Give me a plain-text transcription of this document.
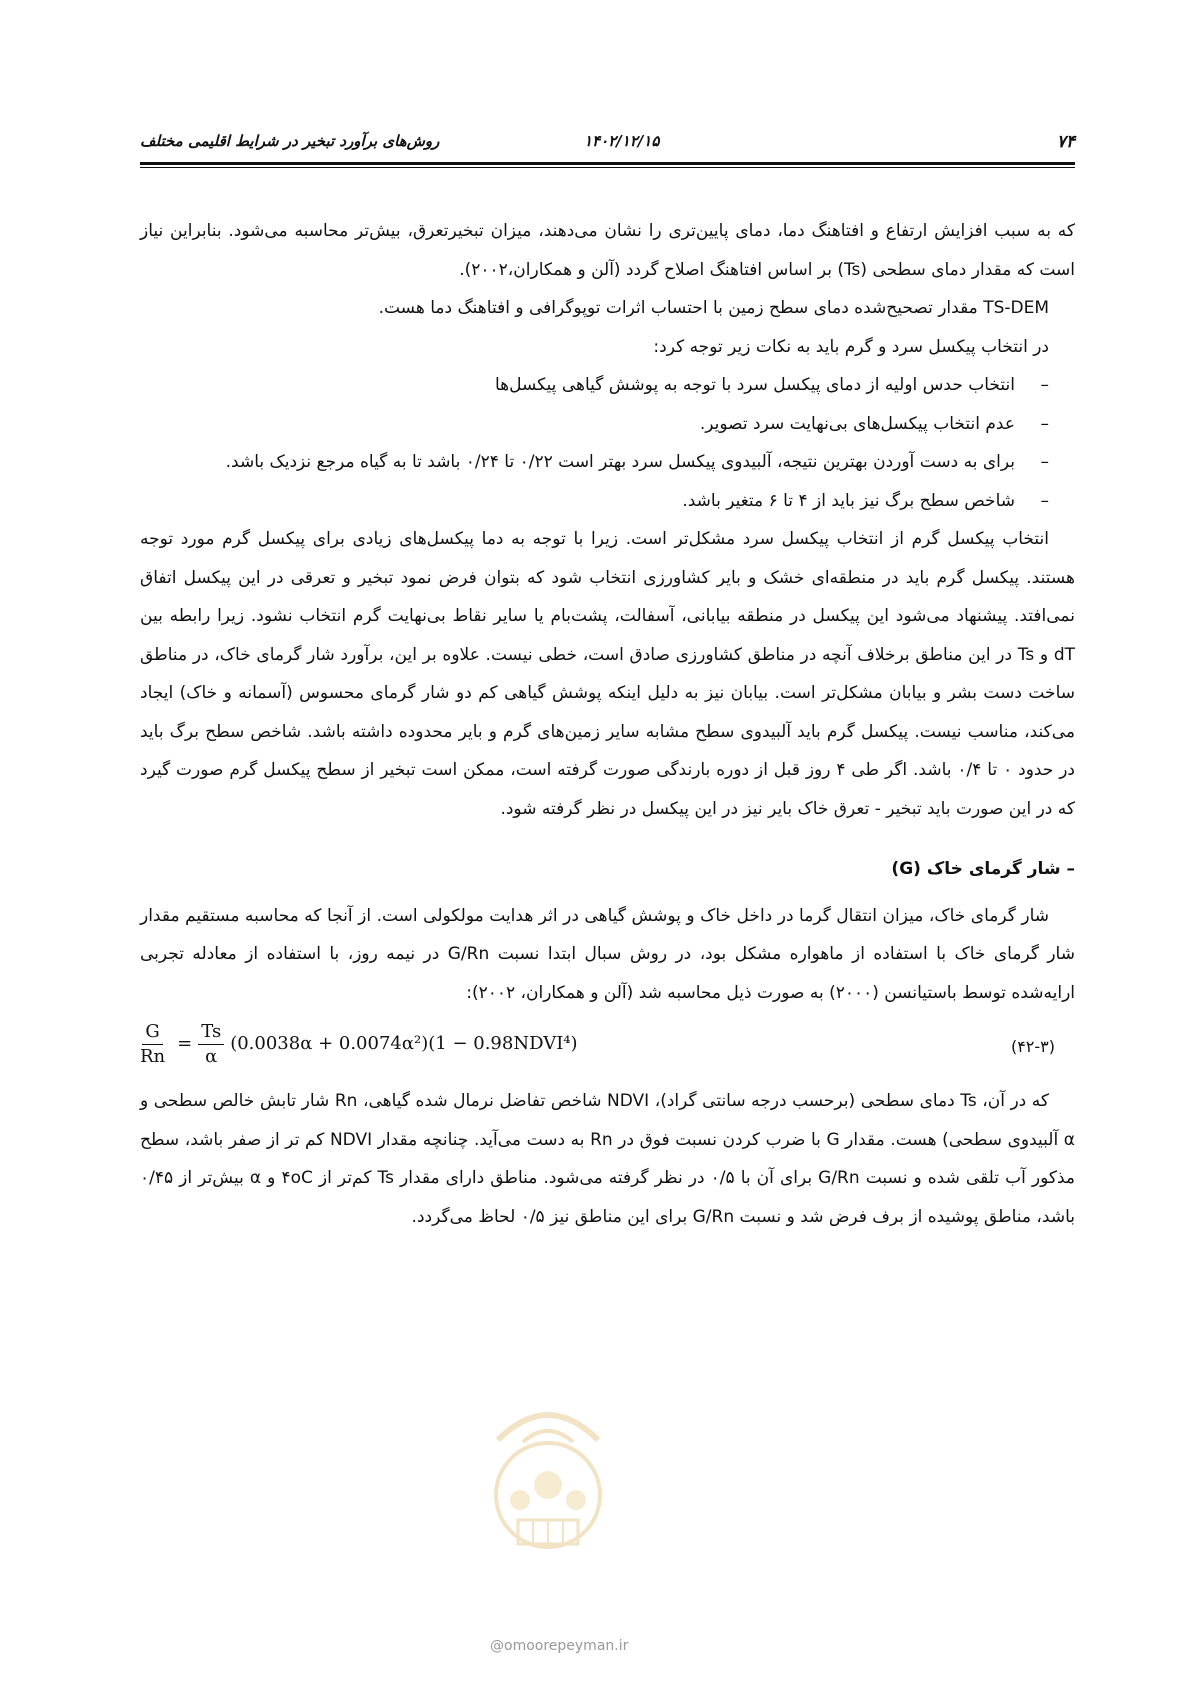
۷۴
۱۴۰۲/۱۲/۱۵
روش‌های برآورد تبخیر در شرایط اقلیمی مختلف

که به سبب افزایش ارتفاع و افتاهنگ دما، دمای پایین‌تری را نشان می‌دهند، میزان تبخیرتعرق، بیش‌تر محاسبه می‌شود. بنابراین نیاز است که مقدار دمای سطحی (Ts) بر اساس افتاهنگ اصلاح گردد (آلن و همکاران،۲۰۰۲).

TS-DEM مقدار تصحیح‌شده دمای سطح زمین با احتساب اثرات توپوگرافی و افتاهنگ دما هست.

در انتخاب پیکسل سرد و گرم باید به نکات زیر توجه کرد:

–
انتخاب حدس اولیه از دمای پیکسل سرد با توجه به پوشش گیاهی پیکسل‌ها

–
عدم انتخاب پیکسل‌های بی‌نهایت سرد تصویر.

–
برای به دست آوردن بهترین نتیجه، آلبیدوی پیکسل سرد بهتر است ۰/۲۲ تا ۰/۲۴ باشد تا به گیاه مرجع نزدیک باشد.

–
شاخص سطح برگ نیز باید از ۴ تا ۶ متغیر باشد.

انتخاب پیکسل گرم از انتخاب پیکسل سرد مشکل‌تر است. زیرا با توجه به دما پیکسل‌های زیادی برای پیکسل گرم مورد توجه هستند. پیکسل گرم باید در منطقه‌ای خشک و بایر کشاورزی انتخاب شود که بتوان فرض نمود تبخیر و تعرقی در این پیکسل اتفاق نمی‌افتد. پیشنهاد می‌شود این پیکسل در منطقه بیابانی، آسفالت، پشت‌بام یا سایر نقاط بی‌نهایت گرم انتخاب نشود. زیرا رابطه بین dT و Ts در این مناطق برخلاف آنچه در مناطق کشاورزی صادق است، خطی نیست. علاوه بر این، برآورد شار گرمای خاک، در مناطق ساخت دست بشر و بیابان مشکل‌تر است. بیابان نیز به دلیل اینکه پوشش گیاهی کم دو شار گرمای محسوس (آسمانه و خاک) ایجاد می‌کند، مناسب نیست. پیکسل گرم باید آلبیدوی سطح مشابه سایر زمین‌های گرم و بایر محدوده داشته باشد. شاخص سطح برگ باید در حدود ۰ تا ۰/۴ باشد. اگر طی ۴ روز قبل از دوره بارندگی صورت گرفته است، ممکن است تبخیر از سطح پیکسل گرم صورت گیرد که در این صورت باید تبخیر - تعرق خاک بایر نیز در این پیکسل در نظر گرفته شود.

– شار گرمای خاک (G)

شار گرمای خاک، میزان انتقال گرما در داخل خاک و پوشش گیاهی در اثر هدایت مولکولی است. از آنجا که محاسبه مستقیم مقدار شار گرمای خاک با استفاده از ماهواره مشکل بود، در روش سبال ابتدا نسبت G/Rn در نیمه روز، با استفاده از معادله تجربی ارایه‌شده توسط باستیانسن (۲۰۰۰) به صورت ذیل محاسبه شد (آلن و همکاران، ۲۰۰۲):

$\frac{G}{Rn} = \frac{Ts}{\alpha} (0.0038\alpha + 0.0074\alpha^2)(1$ − 0.98NDVI⁴)	(۴۲-۳)

که در آن، Ts دمای سطحی (برحسب درجه سانتی گراد)، NDVI شاخص تفاضل نرمال شده گیاهی، Rn شار تابش خالص سطحی و α آلبیدوی سطحی) هست. مقدار G با ضرب کردن نسبت فوق در Rn به دست می‌آید. چنانچه مقدار NDVI کم تر از صفر باشد، سطح مذکور آب تلقی شده و نسبت G/Rn برای آن با ۰/۵ در نظر گرفته می‌شود. مناطق دارای مقدار Ts کم‌تر از ۴oC و α بیش‌تر از ۰/۴۵ باشد، مناطق پوشیده از برف فرض شد و نسبت G/Rn برای این مناطق نیز ۰/۵ لحاظ می‌گردد.

@omoorepeyman.ir
